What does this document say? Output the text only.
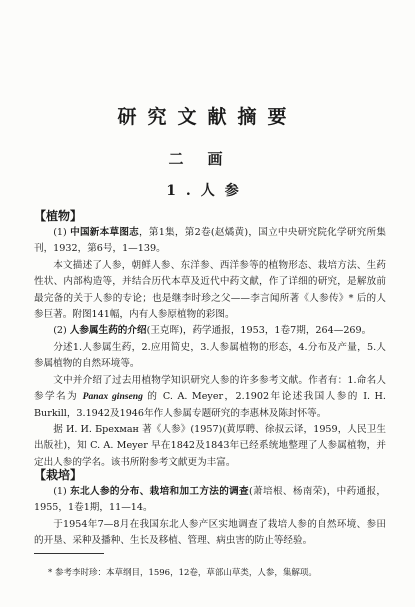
研究文献摘要
二画
1.人参
【植物】

(1) 中国新本草图志，第1集，第2卷(赵燏黄)，国立中央研究院化学研究所集刊，1932，第6号，1—139。

本文描述了人参，朝鲜人参、东洋参、西洋参等的植物形态、栽培方法、生药性状、内部构造等，并结合历代本草及近代中药文献，作了详细的研究，是解放前最完备的关于人参的专论；也是继李时珍之父——李言闻所著《人参传》* 后的人参巨著。附图141幅，内有人参原植物的彩图。

(2) 人参属生药的介绍(王克晖)，药学通报，1953，1卷7期，264—269。

分述1.人参属生药，2.应用简史，3.人参属植物的形态，4.分布及产量，5.人参属植物的自然环境等。

文中并介绍了过去用植物学知识研究人参的许多参考文献。作者有：1.命名人参学名为 Panax ginseng 的 C. A. Meyer，2.1902年论述我国人参的 I. H. Burkill，3.1942及1946年作人参属专题研究的李惠林及陈封怀等。

据 И. И. Брехман 著《人参》(1957)(黄厚聘、徐叔云译，1959，人民卫生出版社)，知 C. A. Meyer 早在1842及1843年已经系统地整理了人参属植物，并定出人参的学名。该书所附参考文献更为丰富。

【栽培】

(1) 东北人参的分布、栽培和加工方法的调查(萧培根、杨南荣)，中药通报，1955，1卷1期，11—14。

于1954年7—8月在我国东北人参产区实地调查了栽培人参的自然环境、参田的开垦、采种及播种、生长及移植、管理、病虫害的防止等经验。

* 参考李时珍：本草纲目，1596，12卷，草部山草类，人参，集解项。
